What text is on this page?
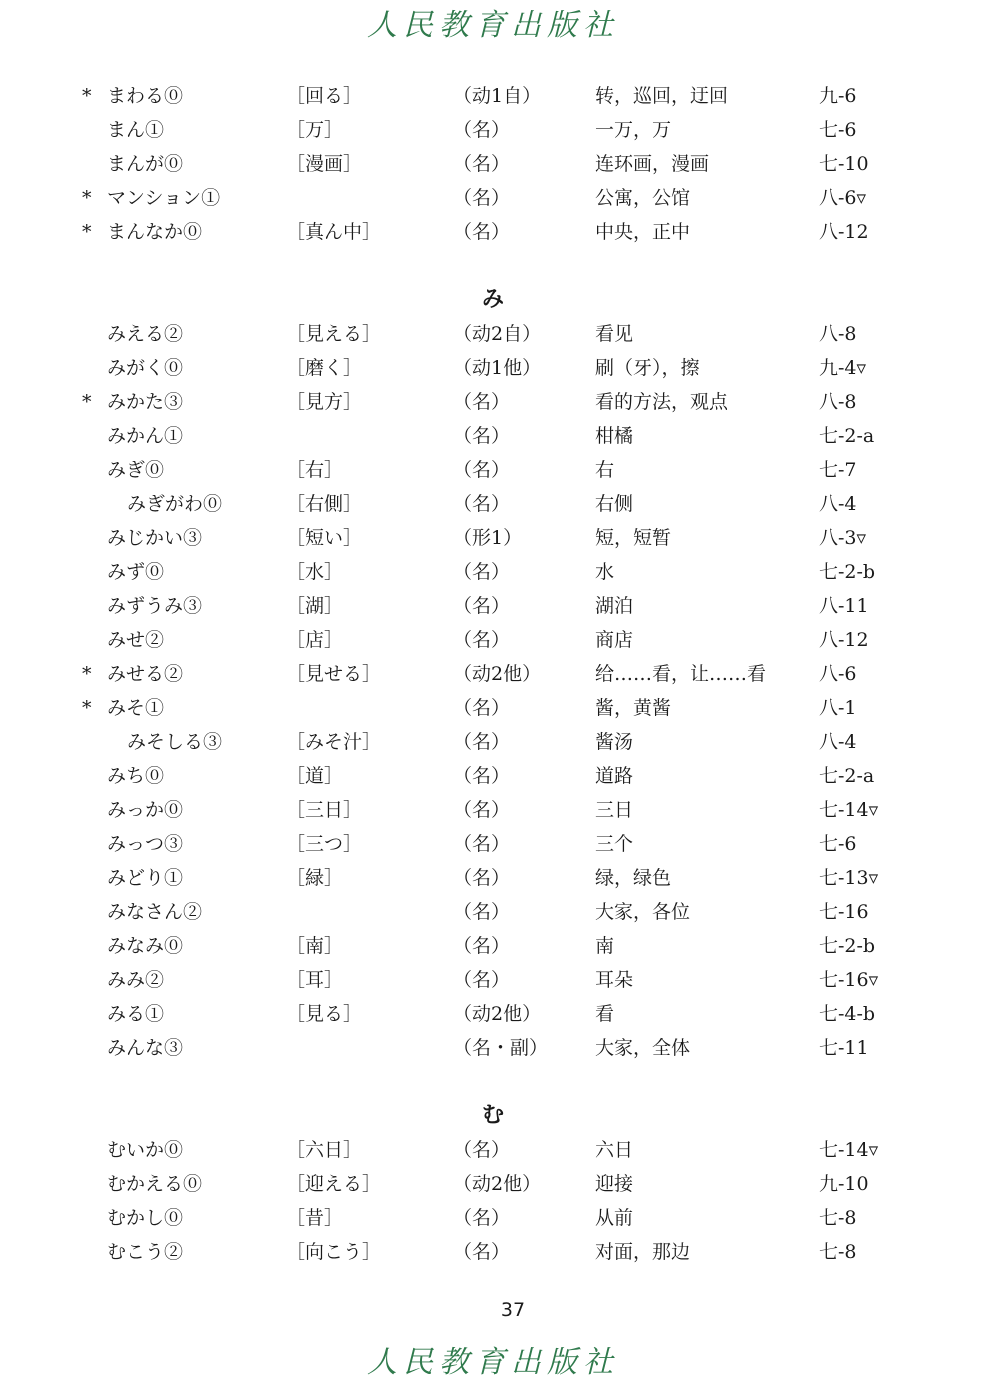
人民教育出版社
* まわる⓪	［回る］	（动1自）	转，巡回，迂回	九-6
まん①	［万］	（名）	一万，万	七-6
まんが⓪	［漫画］	（名）	连环画，漫画	七-10
* マンション①	（名）	公寓，公馆	八-6▿
* まんなか⓪	［真ん中］	（名）	中央，正中	八-12
み
みえる②	［見える］	（动2自）	看见	八-8
みがく⓪	［磨く］	（动1他）	刷（牙），擦	九-4▿
* みかた③	［見方］	（名）	看的方法，观点	八-8
みかん①	（名）	柑橘	七-2-a
みぎ⓪	［右］	（名）	右	七-7
みぎがわ⓪	［右側］	（名）	右侧	八-4
みじかい③	［短い］	（形1）	短，短暂	八-3▿
みず⓪	［水］	（名）	水	七-2-b
みずうみ③	［湖］	（名）	湖泊	八-11
みせ②	［店］	（名）	商店	八-12
* みせる②	［見せる］	（动2他）	给……看，让……看	八-6
* みそ①	（名）	酱，黄酱	八-1
みそしる③	［みそ汁］	（名）	酱汤	八-4
みち⓪	［道］	（名）	道路	七-2-a
みっか⓪	［三日］	（名）	三日	七-14▿
みっつ③	［三つ］	（名）	三个	七-6
みどり①	［緑］	（名）	绿，绿色	七-13▿
みなさん②	（名）	大家，各位	七-16
みなみ⓪	［南］	（名）	南	七-2-b
みみ②	［耳］	（名）	耳朵	七-16▿
みる①	［見る］	（动2他）	看	七-4-b
みんな③	（名・副） 大家，全体	七-11
む
むいか⓪	［六日］	（名）	六日	七-14▿
むかえる⓪	［迎える］	（动2他）	迎接	九-10
むかし⓪	［昔］	（名）	从前	七-8
むこう②	［向こう］	（名）	对面，那边	七-8
37
人民教育出版社
